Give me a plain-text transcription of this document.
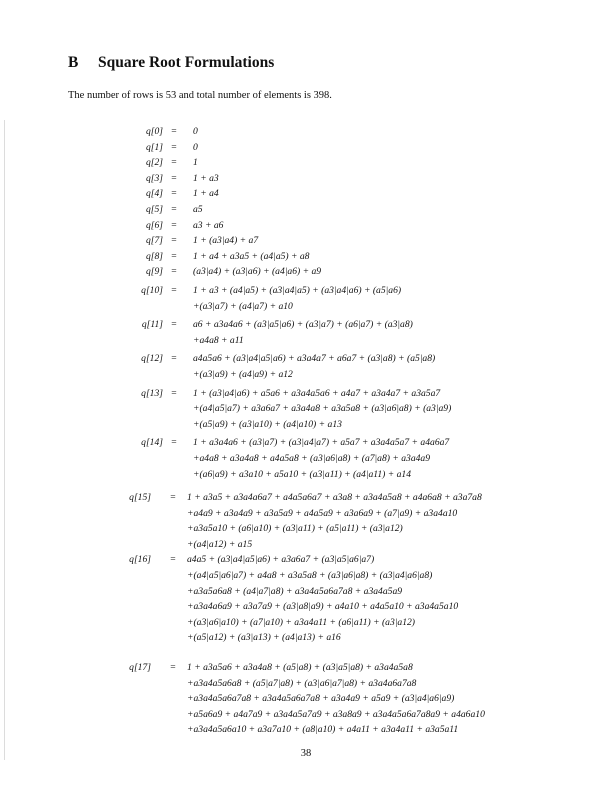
B Square Root Formulations
The number of rows is 53 and total number of elements is 398.
38
q[0] =	0
q[1] =	0
q[2] =	1
q[3] =	1 + a3
q[4] =	1 + a4
q[5] =	a5
q[6] =	a3 + a6
q[7] =	1 + (a3|a4) + a7
q[8] =	1 + a4 + a3a5 + (a4|a5) + a8
q[9] =	(a3|a4) + (a3|a6) + (a4|a6) + a9
q[10] =	1 + a3 + (a4|a5) + (a3|a4|a5) + (a3|a4|a6) + (a5|a6)
+(a3|a7) + (a4|a7) + a10
q[11] =	a6 + a3a4a6 + (a3|a5|a6) + (a3|a7) + (a6|a7) + (a3|a8)
+a4a8 + a11
q[12] =	a4a5a6 + (a3|a4|a5|a6) + a3a4a7 + a6a7 + (a3|a8) + (a5|a8)
+(a3|a9) + (a4|a9) + a12
q[13] =	1 + (a3|a4|a6) + a5a6 + a3a4a5a6 + a4a7 + a3a4a7 + a3a5a7
+(a4|a5|a7) + a3a6a7 + a3a4a8 + a3a5a8 + (a3|a6|a8) + (a3|a9)
+(a5|a9) + (a3|a10) + (a4|a10) + a13
q[14] =	1 + a3a4a6 + (a3|a7) + (a3|a4|a7) + a5a7 + a3a4a5a7 + a4a6a7
+a4a8 + a3a4a8 + a4a5a8 + (a3|a6|a8) + (a7|a8) + a3a4a9
+(a6|a9) + a3a10 + a5a10 + (a3|a11) + (a4|a11) + a14
q[15]	=	1 + a3a5 + a3a4a6a7 + a4a5a6a7 + a3a8 + a3a4a5a8 + a4a6a8 + a3a7a8
+a4a9 + a3a4a9 + a3a5a9 + a4a5a9 + a3a6a9 + (a7|a9) + a3a4a10
+a3a5a10 + (a6|a10) + (a3|a11) + (a5|a11) + (a3|a12)
+(a4|a12) + a15
q[16]	=	a4a5 + (a3|a4|a5|a6) + a3a6a7 + (a3|a5|a6|a7)
+(a4|a5|a6|a7) + a4a8 + a3a5a8 + (a3|a6|a8) + (a3|a4|a6|a8)
+a3a5a6a8 + (a4|a7|a8) + a3a4a5a6a7a8 + a3a4a5a9
+a3a4a6a9 + a3a7a9 + (a3|a8|a9) + a4a10 + a4a5a10 + a3a4a5a10
+(a3|a6|a10) + (a7|a10) + a3a4a11 + (a6|a11) + (a3|a12)
+(a5|a12) + (a3|a13) + (a4|a13) + a16
q[17]	=	1 + a3a5a6 + a3a4a8 + (a5|a8) + (a3|a5|a8) + a3a4a5a8
+a3a4a5a6a8 + (a5|a7|a8) + (a3|a6|a7|a8) + a3a4a6a7a8
+a3a4a5a6a7a8 + a3a4a5a6a7a8 + a3a4a9 + a5a9 + (a3|a4|a6|a9)
+a5a6a9 + a4a7a9 + a3a4a5a7a9 + a3a8a9 + a3a4a5a6a7a8a9 + a4a6a10
+a3a4a5a6a10 + a3a7a10 + (a8|a10) + a4a11 + a3a4a11 + a3a5a11
